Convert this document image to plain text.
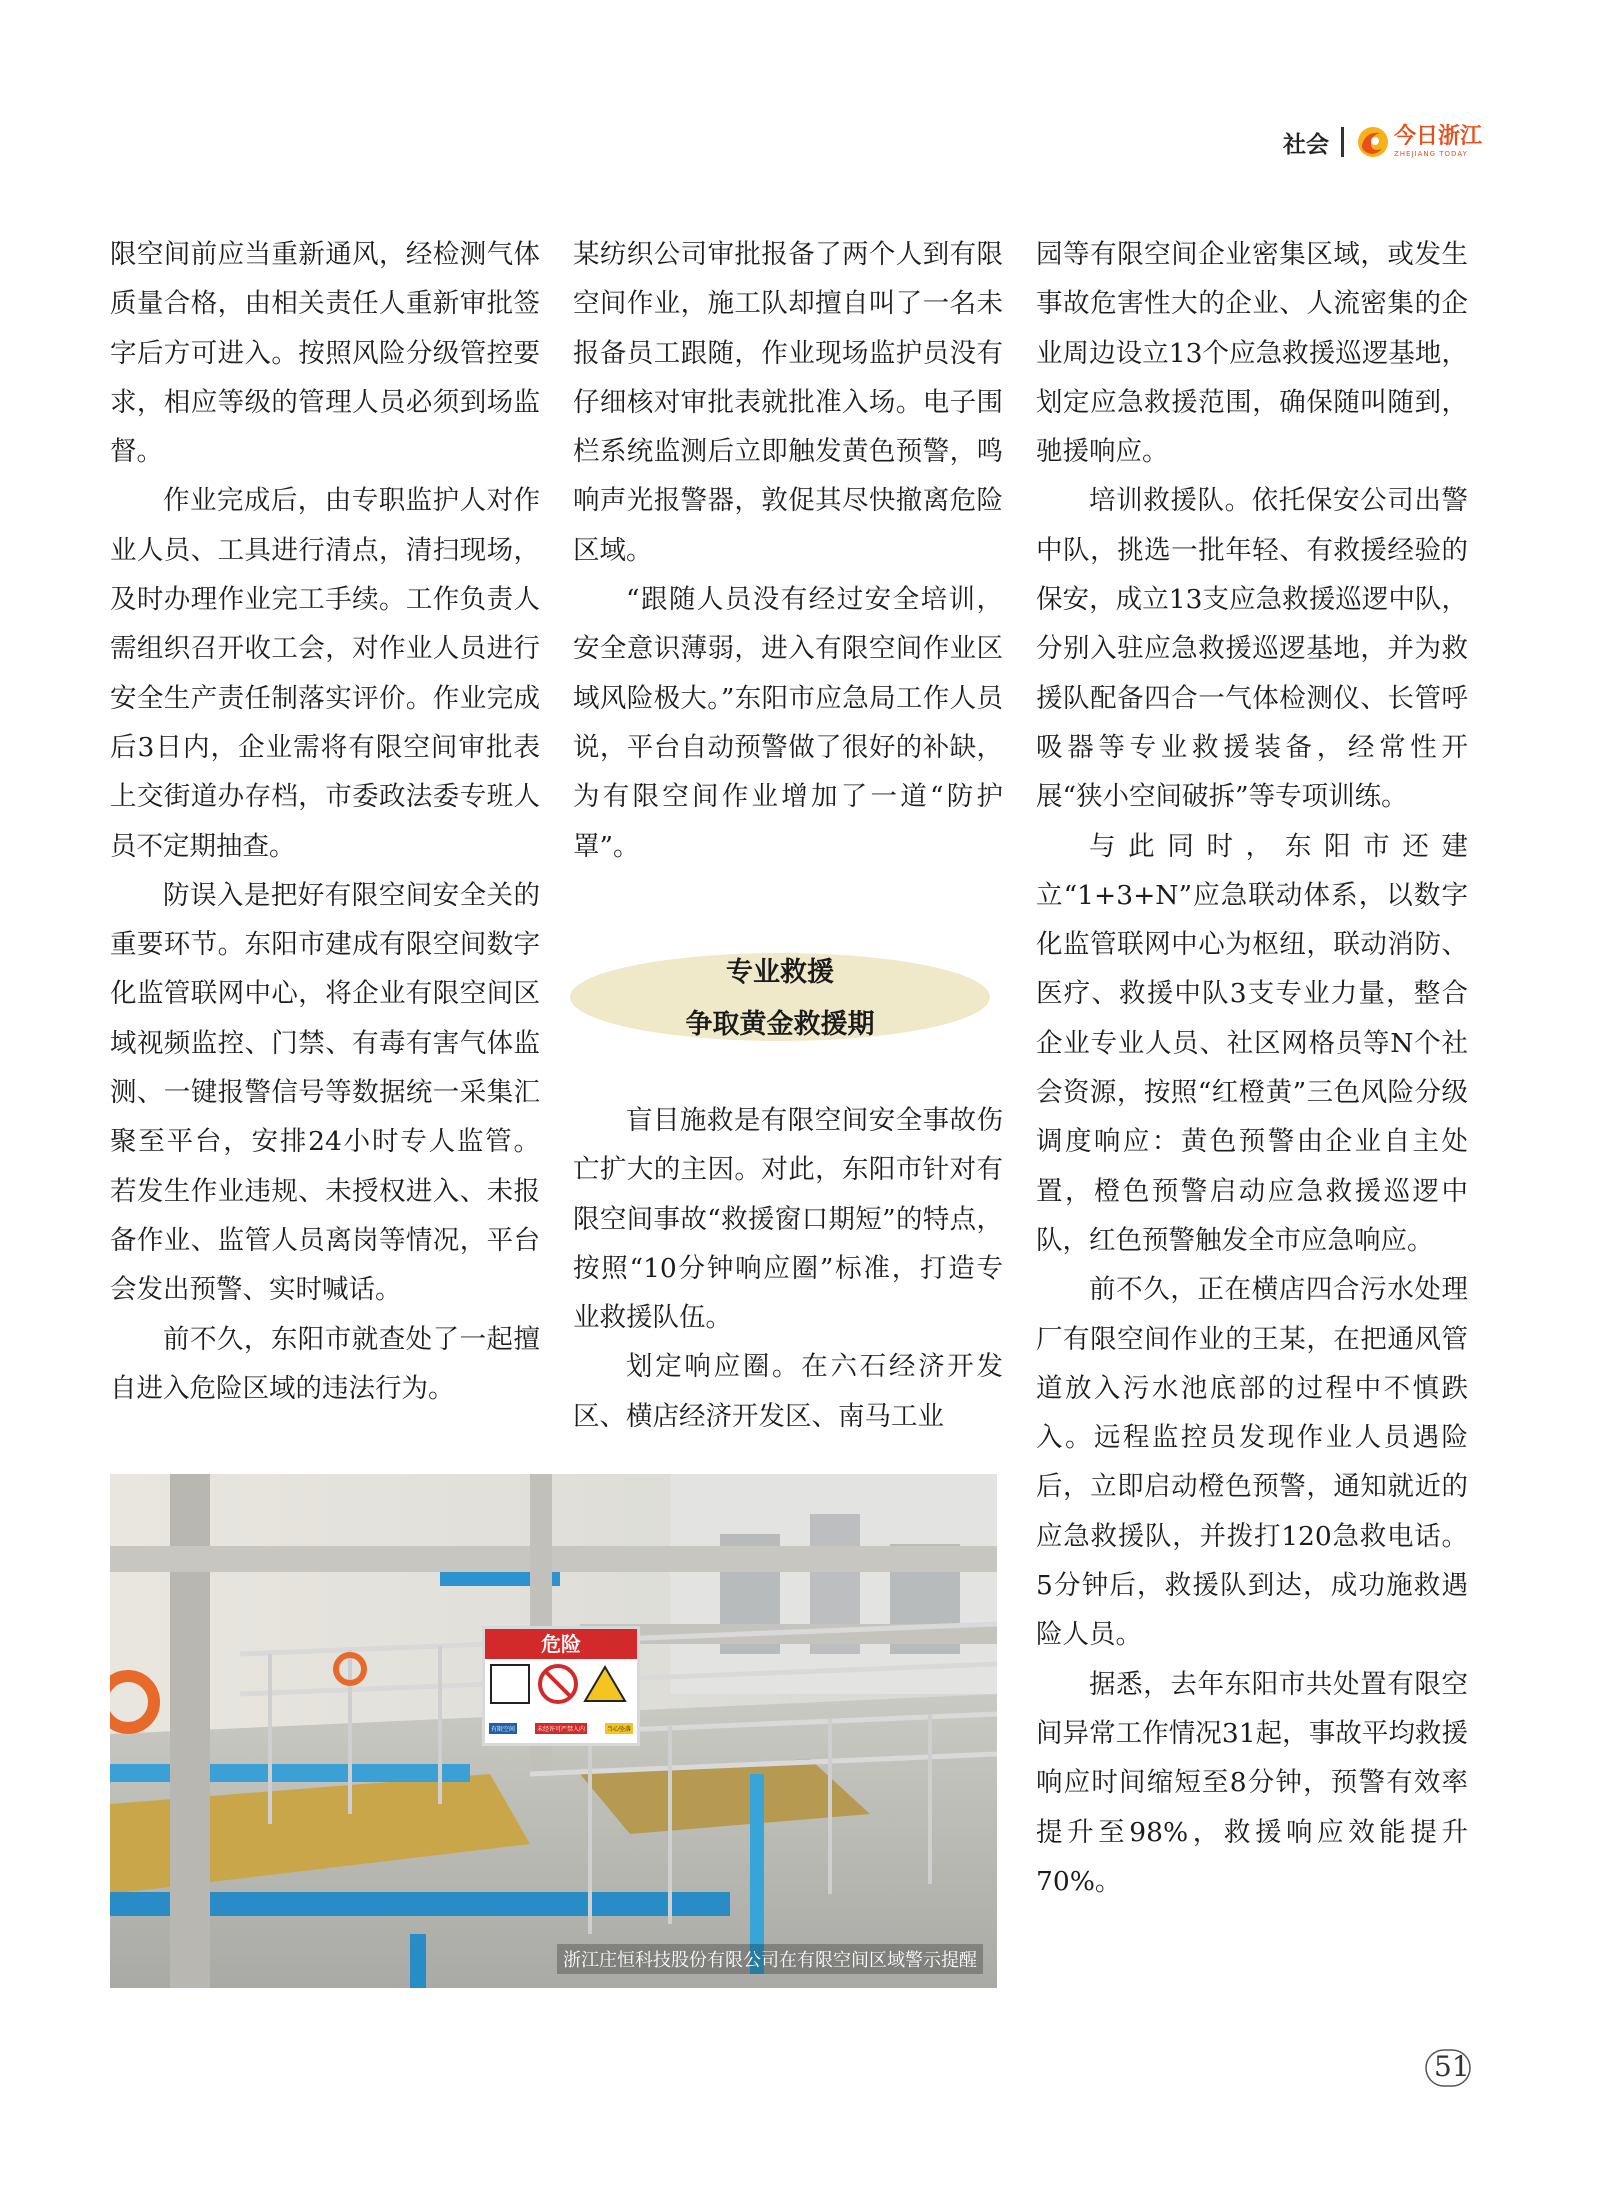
社会	今日浙江
ZHEJIANG TODAY

限空间前应当重新通风，经检测气体质量合格，由相关责任人重新审批签字后方可进入。按照风险分级管控要求，相应等级的管理人员必须到场监督。

作业完成后，由专职监护人对作业人员、工具进行清点，清扫现场，及时办理作业完工手续。工作负责人需组织召开收工会，对作业人员进行安全生产责任制落实评价。作业完成后3日内，企业需将有限空间审批表上交街道办存档，市委政法委专班人员不定期抽查。

防误入是把好有限空间安全关的重要环节。东阳市建成有限空间数字化监管联网中心，将企业有限空间区域视频监控、门禁、有毒有害气体监测、一键报警信号等数据统一采集汇聚至平台，安排24小时专人监管。若发生作业违规、未授权进入、未报备作业、监管人员离岗等情况，平台会发出预警、实时喊话。

前不久，东阳市就查处了一起擅自进入危险区域的违法行为。

某纺织公司审批报备了两个人到有限空间作业，施工队却擅自叫了一名未报备员工跟随，作业现场监护员没有仔细核对审批表就批准入场。电子围栏系统监测后立即触发黄色预警，鸣响声光报警器，敦促其尽快撤离危险区域。

“跟随人员没有经过安全培训，安全意识薄弱，进入有限空间作业区域风险极大。”东阳市应急局工作人员说，平台自动预警做了很好的补缺，为有限空间作业增加了一道“防护罩”。

专业救援
争取黄金救援期

盲目施救是有限空间安全事故伤亡扩大的主因。对此，东阳市针对有限空间事故“救援窗口期短”的特点，按照“10分钟响应圈”标准，打造专业救援队伍。

划定响应圈。在六石经济开发区、横店经济开发区、南马工业

园等有限空间企业密集区域，或发生事故危害性大的企业、人流密集的企业周边设立13个应急救援巡逻基地，划定应急救援范围，确保随叫随到，驰援响应。

培训救援队。依托保安公司出警中队，挑选一批年轻、有救援经验的保安，成立13支应急救援巡逻中队，分别入驻应急救援巡逻基地，并为救援队配备四合一气体检测仪、长管呼吸器等专业救援装备，经常性开展“狭小空间破拆”等专项训练。

与此同时，东阳市还建立“1+3+N”应急联动体系，以数字化监管联网中心为枢纽，联动消防、医疗、救援中队3支专业力量，整合企业专业人员、社区网格员等N个社会资源，按照“红橙黄”三色风险分级调度响应：黄色预警由企业自主处置，橙色预警启动应急救援巡逻中队，红色预警触发全市应急响应。

前不久，正在横店四合污水处理厂有限空间作业的王某，在把通风管道放入污水池底部的过程中不慎跌入。远程监控员发现作业人员遇险后，立即启动橙色预警，通知就近的应急救援队，并拨打120急救电话。5分钟后，救援队到达，成功施救遇险人员。

据悉，去年东阳市共处置有限空间异常工作情况31起，事故平均救援响应时间缩短至8分钟，预警有效率提升至98%，救援响应效能提升70%。

危险
有限空间	未经许可严禁入内	当心坠落
浙江庄恒科技股份有限公司在有限空间区域警示提醒
51
